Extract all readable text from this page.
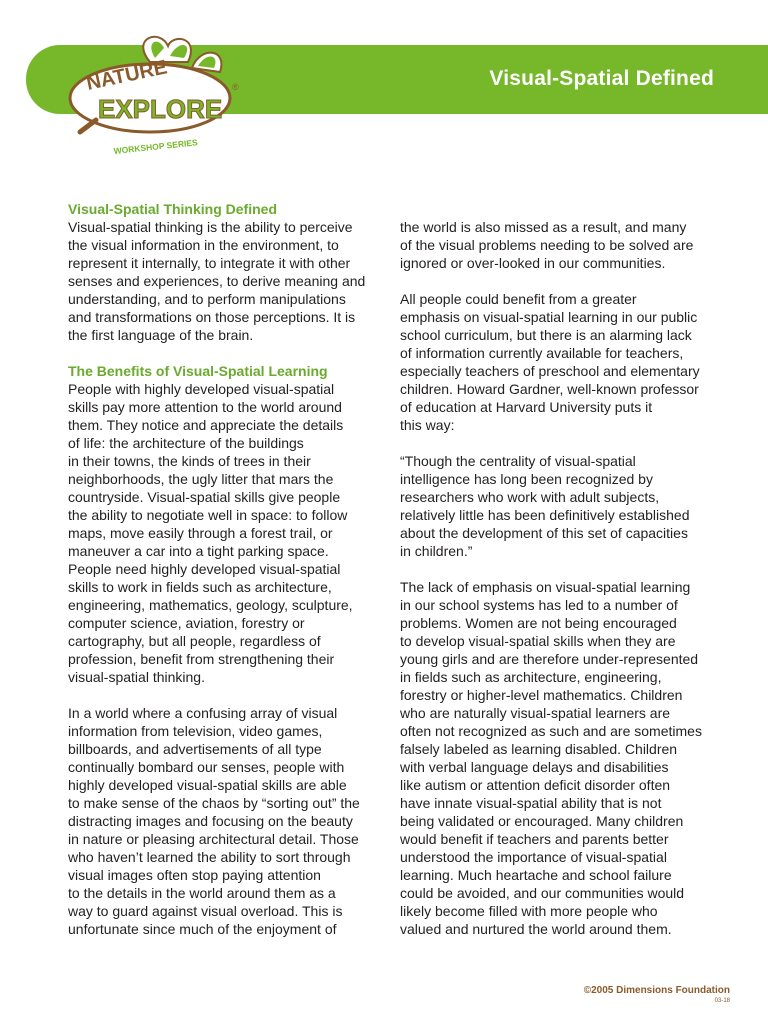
Visual-Spatial Defined
NATURE
EXPLORE
®
WORKSHOP SERIES
Visual-Spatial Thinking Defined

Visual-spatial thinking is the ability to perceive
the visual information in the environment, to
represent it internally, to integrate it with other
senses and experiences, to derive meaning and
understanding, and to perform manipulations
and transformations on those perceptions. It is
the first language of the brain.

The Benefits of Visual-Spatial Learning

People with highly developed visual-spatial
skills pay more attention to the world around
them. They notice and appreciate the details
of life: the architecture of the buildings
in their towns, the kinds of trees in their
neighborhoods, the ugly litter that mars the
countryside. Visual-spatial skills give people
the ability to negotiate well in space: to follow
maps, move easily through a forest trail, or
maneuver a car into a tight parking space.
People need highly developed visual-spatial
skills to work in fields such as architecture,
engineering, mathematics, geology, sculpture,
computer science, aviation, forestry or
cartography, but all people, regardless of
profession, benefit from strengthening their
visual-spatial thinking.

In a world where a confusing array of visual
information from television, video games,
billboards, and advertisements of all type
continually bombard our senses, people with
highly developed visual-spatial skills are able
to make sense of the chaos by “sorting out” the
distracting images and focusing on the beauty
in nature or pleasing architectural detail. Those
who haven’t learned the ability to sort through
visual images often stop paying attention
to the details in the world around them as a
way to guard against visual overload. This is
unfortunate since much of the enjoyment of

the world is also missed as a result, and many
of the visual problems needing to be solved are
ignored or over-looked in our communities.

All people could benefit from a greater
emphasis on visual-spatial learning in our public
school curriculum, but there is an alarming lack
of information currently available for teachers,
especially teachers of preschool and elementary
children. Howard Gardner, well-known professor
of education at Harvard University puts it
this way:

“Though the centrality of visual-spatial
intelligence has long been recognized by
researchers who work with adult subjects,
relatively little has been definitively established
about the development of this set of capacities
in children.”

The lack of emphasis on visual-spatial learning
in our school systems has led to a number of
problems. Women are not being encouraged
to develop visual-spatial skills when they are
young girls and are therefore under-represented
in fields such as architecture, engineering,
forestry or higher-level mathematics. Children
who are naturally visual-spatial learners are
often not recognized as such and are sometimes
falsely labeled as learning disabled. Children
with verbal language delays and disabilities
like autism or attention deficit disorder often
have innate visual-spatial ability that is not
being validated or encouraged. Many children
would benefit if teachers and parents better
understood the importance of visual-spatial
learning. Much heartache and school failure
could be avoided, and our communities would
likely become filled with more people who
valued and nurtured the world around them.

©2005 Dimensions Foundation
03-18
